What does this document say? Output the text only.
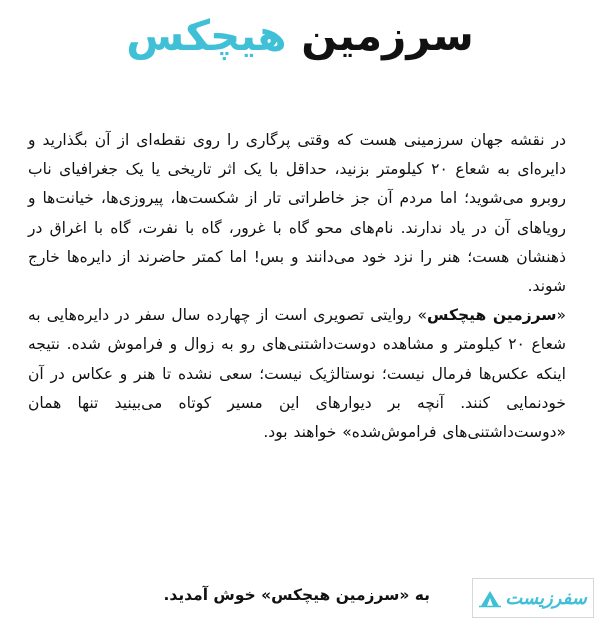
سرزمین هیچکس

در نقشه جهان سرزمینی هست که وقتی پرگاری را روی نقطه‌ای از آن بگذارید و دایره‌ای به شعاع ۲۰ کیلومتر بزنید، حداقل با یک اثر تاریخی یا یک جغرافیای ناب روبرو می‌شوید؛ اما مردم آن جز خاطراتی تار از شکست‌ها، پیروزی‌ها، خیانت‌ها و رویاهای آن در یاد ندارند. نام‌های محو گاه با غرور، گاه با نفرت، گاه با اغراق در ذهنشان هست؛ هنر را نزد خود می‌دانند و بس! اما کمتر حاضرند از دایره‌ها خارج شوند.

«سرزمین هیچکس» روایتی تصویری است از چهارده سال سفر در دایره‌هایی به شعاع ۲۰ کیلومتر و مشاهده دوست‌داشتنی‌های رو به زوال و فراموش شده. نتیجه اینکه عکس‌ها فرمال نیست؛ نوستالژیک نیست؛ سعی نشده تا هنر و عکاس در آن خودنمایی کنند. آنچه بر دیوارهای این مسیر کوتاه می‌بینید تنها همان «دوست‌داشتنی‌های فراموش‌شده» خواهند بود.

به «سرزمین هیچکس» خوش آمدید.	سفرزیست
